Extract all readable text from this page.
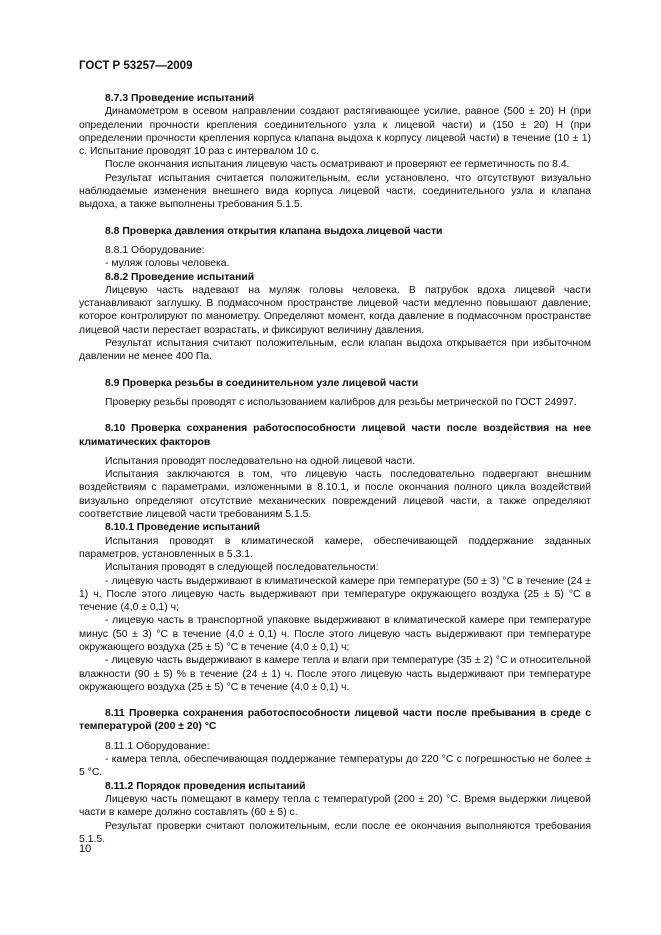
ГОСТ Р 53257—2009

8.7.3 Проведение испытаний

Динамометром в осевом направлении создают растягивающее усилие, равное (500 ± 20) Н (при определении прочности крепления соединительного узла к лицевой части) и (150 ± 20) Н (при определении прочности крепления корпуса клапана выдоха к корпусу лицевой части) в течение (10 ± 1) с. Испытание проводят 10 раз с интервалом 10 с.

После окончания испытания лицевую часть осматривают и проверяют ее герметичность по 8.4.

Результат испытания считается положительным, если установлено, что отсутствуют визуально наблюдаемые изменения внешнего вида корпуса лицевой части, соединительного узла и клапана выдоха, а также выполнены требования 5.1.5.

8.8 Проверка давления открытия клапана выдоха лицевой части

8.8.1 Оборудование:

- муляж головы человека.

8.8.2 Проведение испытаний

Лицевую часть надевают на муляж головы человека. В патрубок вдоха лицевой части устанавливают заглушку. В подмасочном пространстве лицевой части медленно повышают давление, которое контролируют по манометру. Определяют момент, когда давление в подмасочном пространстве лицевой части перестает возрастать, и фиксируют величину давления.

Результат испытания считают положительным, если клапан выдоха открывается при избыточном давлении не менее 400 Па.

8.9 Проверка резьбы в соединительном узле лицевой части

Проверку резьбы проводят с использованием калибров для резьбы метрической по ГОСТ 24997.

8.10 Проверка сохранения работоспособности лицевой части после воздействия на нее климатических факторов

Испытания проводят последовательно на одной лицевой части.

Испытания заключаются в том, что лицевую часть последовательно подвергают внешним воздействиям с параметрами, изложенными в 8.10.1, и после окончания полного цикла воздействий визуально определяют отсутствие механических повреждений лицевой части, а также определяют соответствие лицевой части требованиям 5.1.5.

8.10.1 Проведение испытаний

Испытания проводят в климатической камере, обеспечивающей поддержание заданных параметров, установленных в 5.3.1.

Испытания проводят в следующей последовательности:

- лицевую часть выдерживают в климатической камере при температуре (50 ± 3) °С в течение (24 ± 1) ч. После этого лицевую часть выдерживают при температуре окружающего воздуха (25 ± 5) °С в течение (4,0 ± 0,1) ч;

- лицевую часть в транспортной упаковке выдерживают в климатической камере при температуре минус (50 ± 3) °С в течение (4,0 ± 0,1) ч. После этого лицевую часть выдерживают при температуре окружающего воздуха (25 ± 5) °С в течение (4,0 ± 0,1) ч;

- лицевую часть выдерживают в камере тепла и влаги при температуре (35 ± 2) °С и относительной влажности (90 ± 5) % в течение (24 ± 1) ч. После этого лицевую часть выдерживают при температуре окружающего воздуха (25 ± 5) °С в течение (4,0 ± 0,1) ч.

8.11 Проверка сохранения работоспособности лицевой части после пребывания в среде с температурой (200 ± 20) °С

8.11.1 Оборудование:

- камера тепла, обеспечивающая поддержание температуры до 220 °С с погрешностью не более ± 5 °С.

8.11.2 Порядок проведения испытаний

Лицевую часть помещают в камеру тепла с температурой (200 ± 20) °С. Время выдержки лицевой части в камере должно составлять (60 ± 5) с.

Результат проверки считают положительным, если после ее окончания выполняются требования 5.1.5.

10
